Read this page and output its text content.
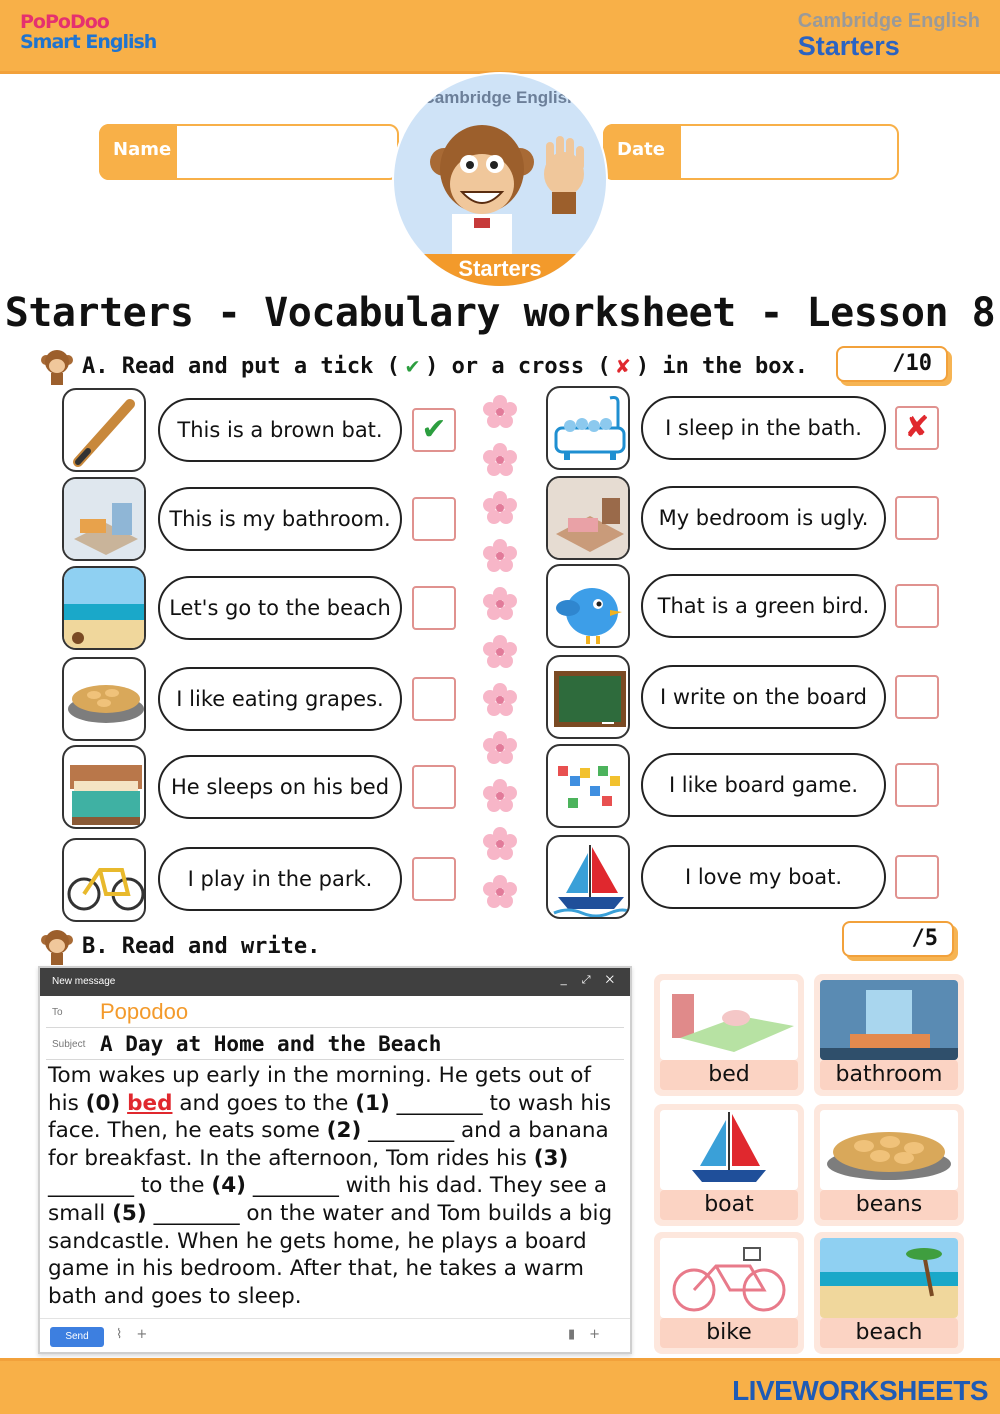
PoPoDoo
Smart English
Cambridge English
Starters
Name	Date
Cambridge English
Starters
Starters - Vocabulary worksheet - Lesson 8
A. Read and put a tick ( ✔ ) or a cross ( ✘ ) in the box.	/10
This is a brown bat.	✔
This is my bathroom.
Let's go to the beach
I like eating grapes.
He sleeps on his bed
I play in the park.
I sleep in the bath.	✘
My bedroom is ugly.
That is a green bird.
I write on the board
I like board game.
I love my boat.
B. Read and write.	/5
New message	_ ⤢ ✕
To Popodoo
Subject A Day at Home and the Beach
Tom wakes up early in the morning. He gets out of his (0) bed and goes to the (1) ________ to wash his face. Then, he eats some (2) ________ and a banana for breakfast. In the afternoon, Tom rides his (3) ________ to the (4) ________ with his dad. They see a small (5) ________ on the water and Tom builds a big sandcastle. When he gets home, he plays a board game in his bedroom. After that, he takes a warm bath and goes to sleep.
Send	⌇+	▮+
bed	bathroom
boat	beans
bike	beach
LIVEWORKSHEETS
